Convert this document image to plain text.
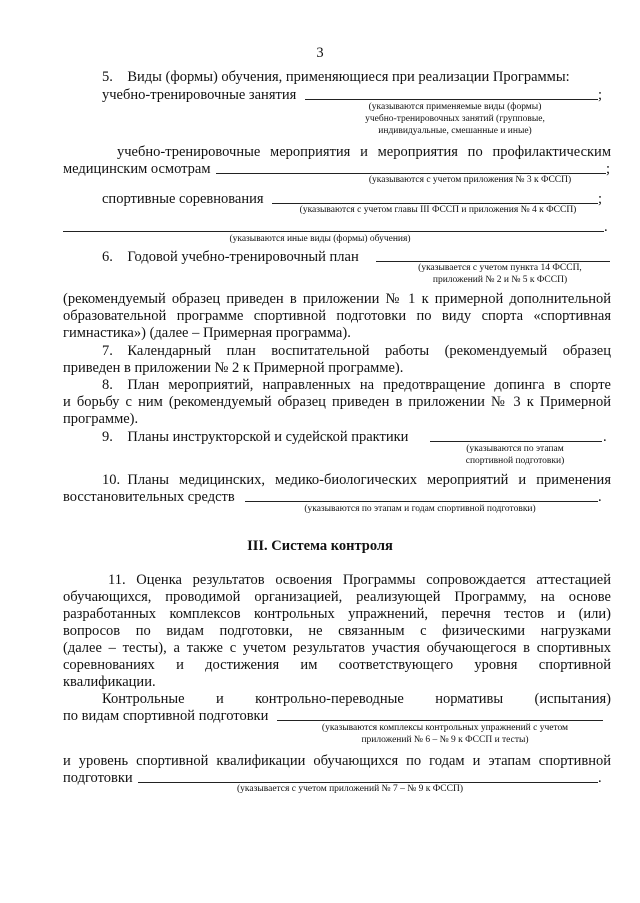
3
5. Виды (формы) обучения, применяющиеся при реализации Программы:
учебно-тренировочные занятия	;
(указываются применяемые виды (формы)
учебно-тренировочных занятий (групповые,
индивидуальные, смешанные и иные)
учебно-тренировочные мероприятия и мероприятия по профилактическим
медицинским осмотрам	;
(указываются с учетом приложения № 3 к ФССП)
спортивные соревнования	;
(указываются с учетом главы III ФССП и приложения № 4 к ФССП)
.
(указываются иные виды (формы) обучения)
6. Годовой учебно-тренировочный план
(указывается с учетом пункта 14 ФССП,
приложений № 2 и № 5 к ФССП)
(рекомендуемый образец приведен в приложении № 1 к примерной дополнительной
образовательной программе спортивной подготовки по виду спорта «спортивная
гимнастика») (далее – Примерная программа).
7. Календарный план воспитательной работы (рекомендуемый образец
приведен в приложении № 2 к Примерной программе).
8. План мероприятий, направленных на предотвращение допинга в спорте
и борьбу с ним (рекомендуемый образец приведен в приложении № 3 к Примерной
программе).
9. Планы инструкторской и судейской практики	.
(указываются по этапам
спортивной подготовки)
10. Планы медицинских, медико-биологических мероприятий и применения
восстановительных средств	.
(указываются по этапам и годам спортивной подготовки)
III. Система контроля
11. Оценка результатов освоения Программы сопровождается аттестацией
обучающихся, проводимой организацией, реализующей Программу, на основе
разработанных комплексов контрольных упражнений, перечня тестов и (или)
вопросов по видам подготовки, не связанным с физическими нагрузками
(далее – тесты), а также с учетом результатов участия обучающегося в спортивных
соревнованиях и достижения им соответствующего уровня спортивной
квалификации.
Контрольные и контрольно-переводные нормативы (испытания)
по видам спортивной подготовки
(указываются комплексы контрольных упражнений с учетом
приложений № 6 – № 9 к ФССП и тесты)
и уровень спортивной квалификации обучающихся по годам и этапам спортивной
подготовки	.
(указывается с учетом приложений № 7 – № 9 к ФССП)
